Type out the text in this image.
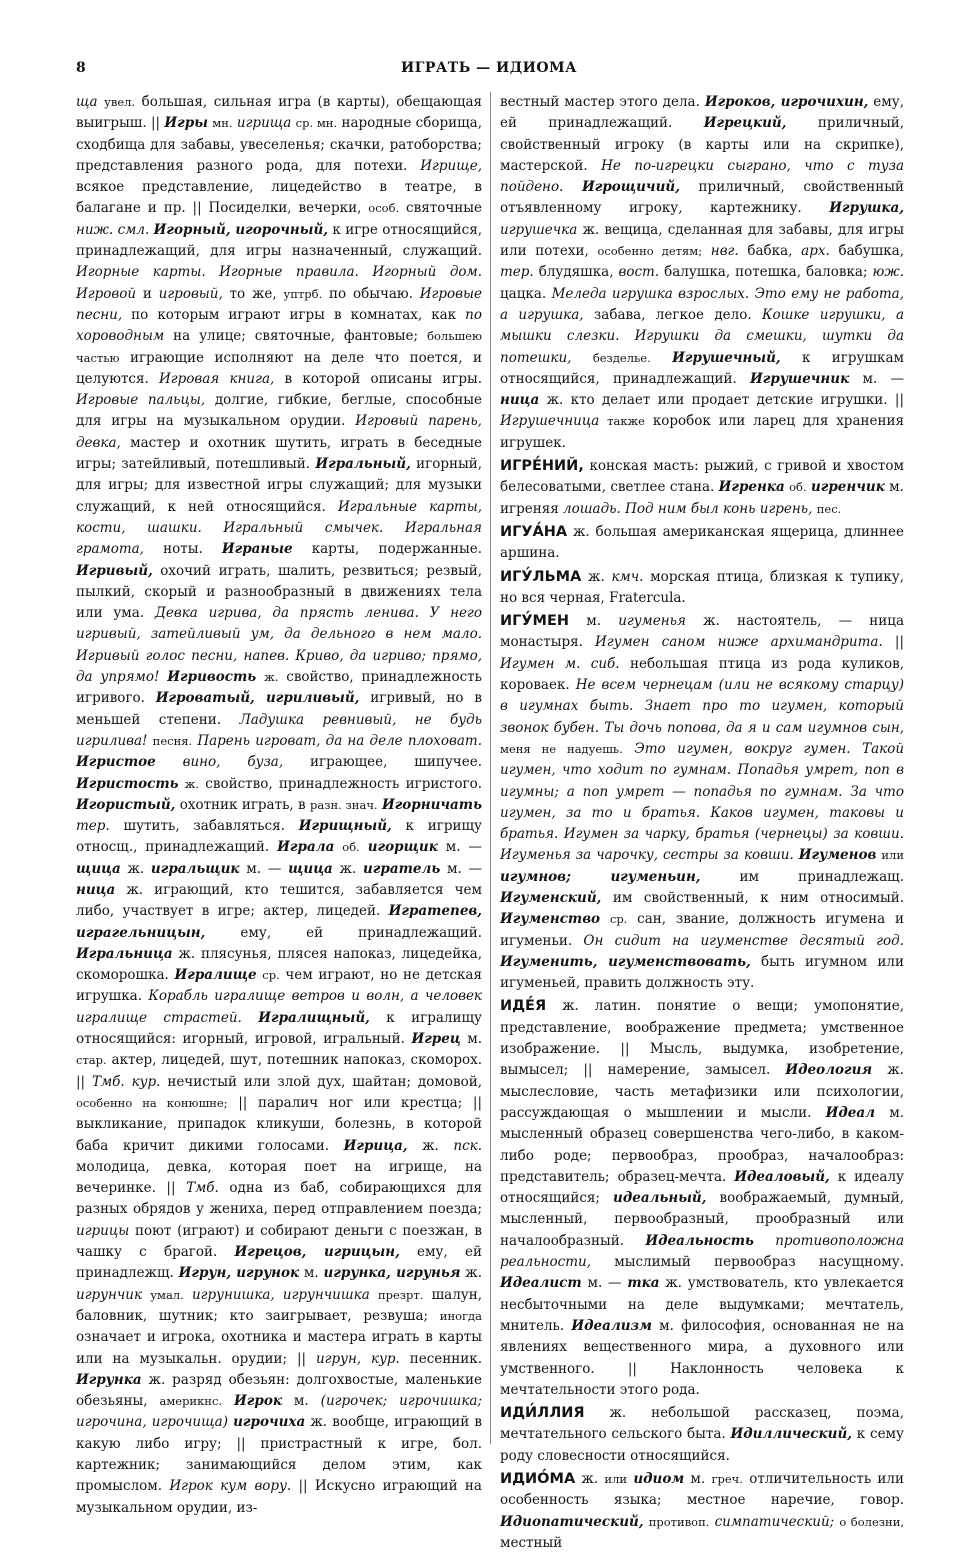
8	ИГРАТЬ — ИДИОМА

ща увел. большая, сильная игра (в карты), обещающая выигрыш. || Игры мн. игрища ср. мн. народные сборища, сходбища для забавы, увеселенья; скачки, ратоборства; представления разного рода, для потехи. Игрище, всякое представление, лицедейство в театре, в балагане и пр. || Посиделки, вечерки, особ. святочные ниж. смл. Игорный, игорочный, к игре относящийся, принадлежащий, для игры назначенный, служащий. Игорные карты. Игорные правила. Игорный дом. Игровой и игровый, то же, уптрб. по обычаю. Игровые песни, по которым играют игры в комнатах, как по хороводным на улице; святочные, фантовые; большею частью играющие исполняют на деле что поется, и целуются. Игровая книга, в которой описаны игры. Игровые пальцы, долгие, гибкие, беглые, способные для игры на музыкальном орудии. Игровый парень, девка, мастер и охотник шутить, играть в беседные игры; затейливый, потешливый. Игральный, игорный, для игры; для известной игры служащий; для музыки служащий, к ней относящийся. Игральные карты, кости, шашки. Игральный смычек. Игральная грамота, ноты. Играные карты, подержанные. Игривый, охочий играть, шалить, резвиться; резвый, пылкий, скорый и разнообразный в движениях тела или ума. Девка игрива, да прясть ленива. У него игривый, затейливый ум, да дельного в нем мало. Игривый голос песни, напев. Криво, да игриво; прямо, да упрямо! Игривость ж. свойство, принадлежность игривого. Игроватый, игриливый, игривый, но в меньшей степени. Ладушка ревнивый, не будь игрилива! песня. Парень игроват, да на деле плоховат. Игристое вино, буза, играющее, шипучее. Игристость ж. свойство, принадлежность игристого. Игористый, охотник играть, в разн. знач. Игорничать тер. шутить, забавляться. Игрищный, к игрищу относщ., принадлежащий. Играла об. игорщик м. — щица ж. игральщик м. — щица ж. игратель м. — ница ж. играющий, кто тешится, забавляется чем либо, участвует в игре; актер, лицедей. Игратепев, играгельницын, ему, ей принадлежащий. Игральница ж. плясунья, плясея напоказ, лицедейка, скоморошка. Игралище ср. чем играют, но не детская игрушка. Корабль игралище ветров и волн, а человек игралище страстей. Игралищный, к игралищу относящийся: игорный, игровой, игральный. Игрец м. стар. актер, лицедей, шут, потешник напоказ, скоморох. || Тмб. кур. нечистый или злой дух, шайтан; домовой, особенно на конюшне; || паралич ног или крестца; || выкликание, припадок кликуши, болезнь, в которой баба кричит дикими голосами. Игрица, ж. пск. молодица, девка, которая поет на игрище, на вечеринке. || Тмб. одна из баб, собирающихся для разных обрядов у жениха, перед отправлением поезда; игрицы поют (играют) и собирают деньги с поезжан, в чашку с брагой. Игрецов, игрицын, ему, ей принадлежщ. Игрун, игрунок м. игрунка, игрунья ж. игрунчик умал. игрунишка, игрунчишка презрт. шалун, баловник, шутник; кто заигрывает, резвуша; иногда означает и игрока, охотника и мастера играть в карты или на музыкальн. орудии; || игрун, кур. песенник. Игрунка ж. разряд обезьян: долгохвостые, маленькие обезьяны, америкнс. Игрок м. (игрочек; игрочишка; игрочина, игрочища) игрочиха ж. вообще, играющий в какую либо игру; || пристрастный к игре, бол. картежник; занимающийся делом этим, как промыслом. Игрок кум вору. || Искусно играющий на музыкальном орудии, из-

вестный мастер этого дела. Игроков, игрочихин, ему, ей принадлежащий. Игрецкий, приличный, свойственный игроку (в карты или на скрипке), мастерской. Не по-игрецки сыграно, что с туза пойдено. Игрощичий, приличный, свойственный отъявленному игроку, картежнику. Игрушка, игрушечка ж. вещица, сделанная для забавы, для игры или потехи, особенно детям; нвг. бабка, арх. бабушка, тер. блудяшка, вост. балушка, потешка, баловка; юж. цацка. Меледа игрушка взрослых. Это ему не работа, а игрушка, забава, легкое дело. Кошке игрушки, а мышки слезки. Игрушки да смешки, шутки да потешки, безделье. Игрушечный, к игрушкам относящийся, принадлежащий. Игрушечник м. — ница ж. кто делает или продает детские игрушки. || Игрушечница также коробок или ларец для хранения игрушек.

ИГРЕ́НИЙ, конская масть: рыжий, с гривой и хвостом белесоватыми, светлее стана. Игренка об. игренчик м. игреняя лошадь. Под ним был конь игрень, пес.

ИГУА́НА ж. большая американская ящерица, длиннее аршина.

ИГУ́ЛЬМА ж. кмч. морская птица, близкая к тупику, но вся черная, Fratercula.

ИГУ́МЕН м. игуменья ж. настоятель, — ница монастыря. Игумен саном ниже архимандрита. || Игумен м. сиб. небольшая птица из рода куликов, короваек. Не всем чернецам (или не всякому старцу) в игумнах быть. Знает про то игумен, который звонок бубен. Ты дочь попова, да я и сам игумнов сын, меня не надуешь. Это игумен, вокруг гумен. Такой игумен, что ходит по гумнам. Попадья умрет, поп в игумны; а поп умрет — попадья по гумнам. За что игумен, за то и братья. Каков игумен, таковы и братья. Игумен за чарку, братья (чернецы) за ковши. Игуменья за чарочку, сестры за ковши. Игуменов или игумнов; игуменьин, им принадлежащ. Игуменский, им свойственный, к ним относимый. Игуменство ср. сан, звание, должность игумена и игуменьи. Он сидит на игуменстве десятый год. Игуменить, игуменствовать, быть игумном или игуменьей, править должность эту.

ИДЕ́Я ж. латин. понятие о вещи; умопонятие, представление, воображение предмета; умственное изображение. || Мысль, выдумка, изобретение, вымысел; || намерение, замысел. Идеология ж. мыслесловие, часть метафизики или психологии, рассуждающая о мышлении и мысли. Идеал м. мысленный образец совершенства чего-либо, в каком-либо роде; первообраз, прообраз, началообраз: представитель; образец-мечта. Идеаловый, к идеалу относящийся; идеальный, воображаемый, думный, мысленный, первообразный, прообразный или началообразный. Идеальность противоположна реальности, мыслимый первообраз насущному. Идеалист м. — тка ж. умствователь, кто увлекается несбыточными на деле выдумками; мечтатель, мнитель. Идеализм м. философия, основанная не на явлениях вещественного мира, а духовного или умственного. || Наклонность человека к мечтательности этого рода.

ИДИ́ЛЛИЯ ж. небольшой рассказец, поэма, мечтательного сельского быта. Идиллический, к сему роду словесности относящийся.

ИДИО́МА ж. или идиом м. греч. отличительность или особенность языка; местное наречие, говор. Идиопатический, противоп. симпатический; о болезни, местный
